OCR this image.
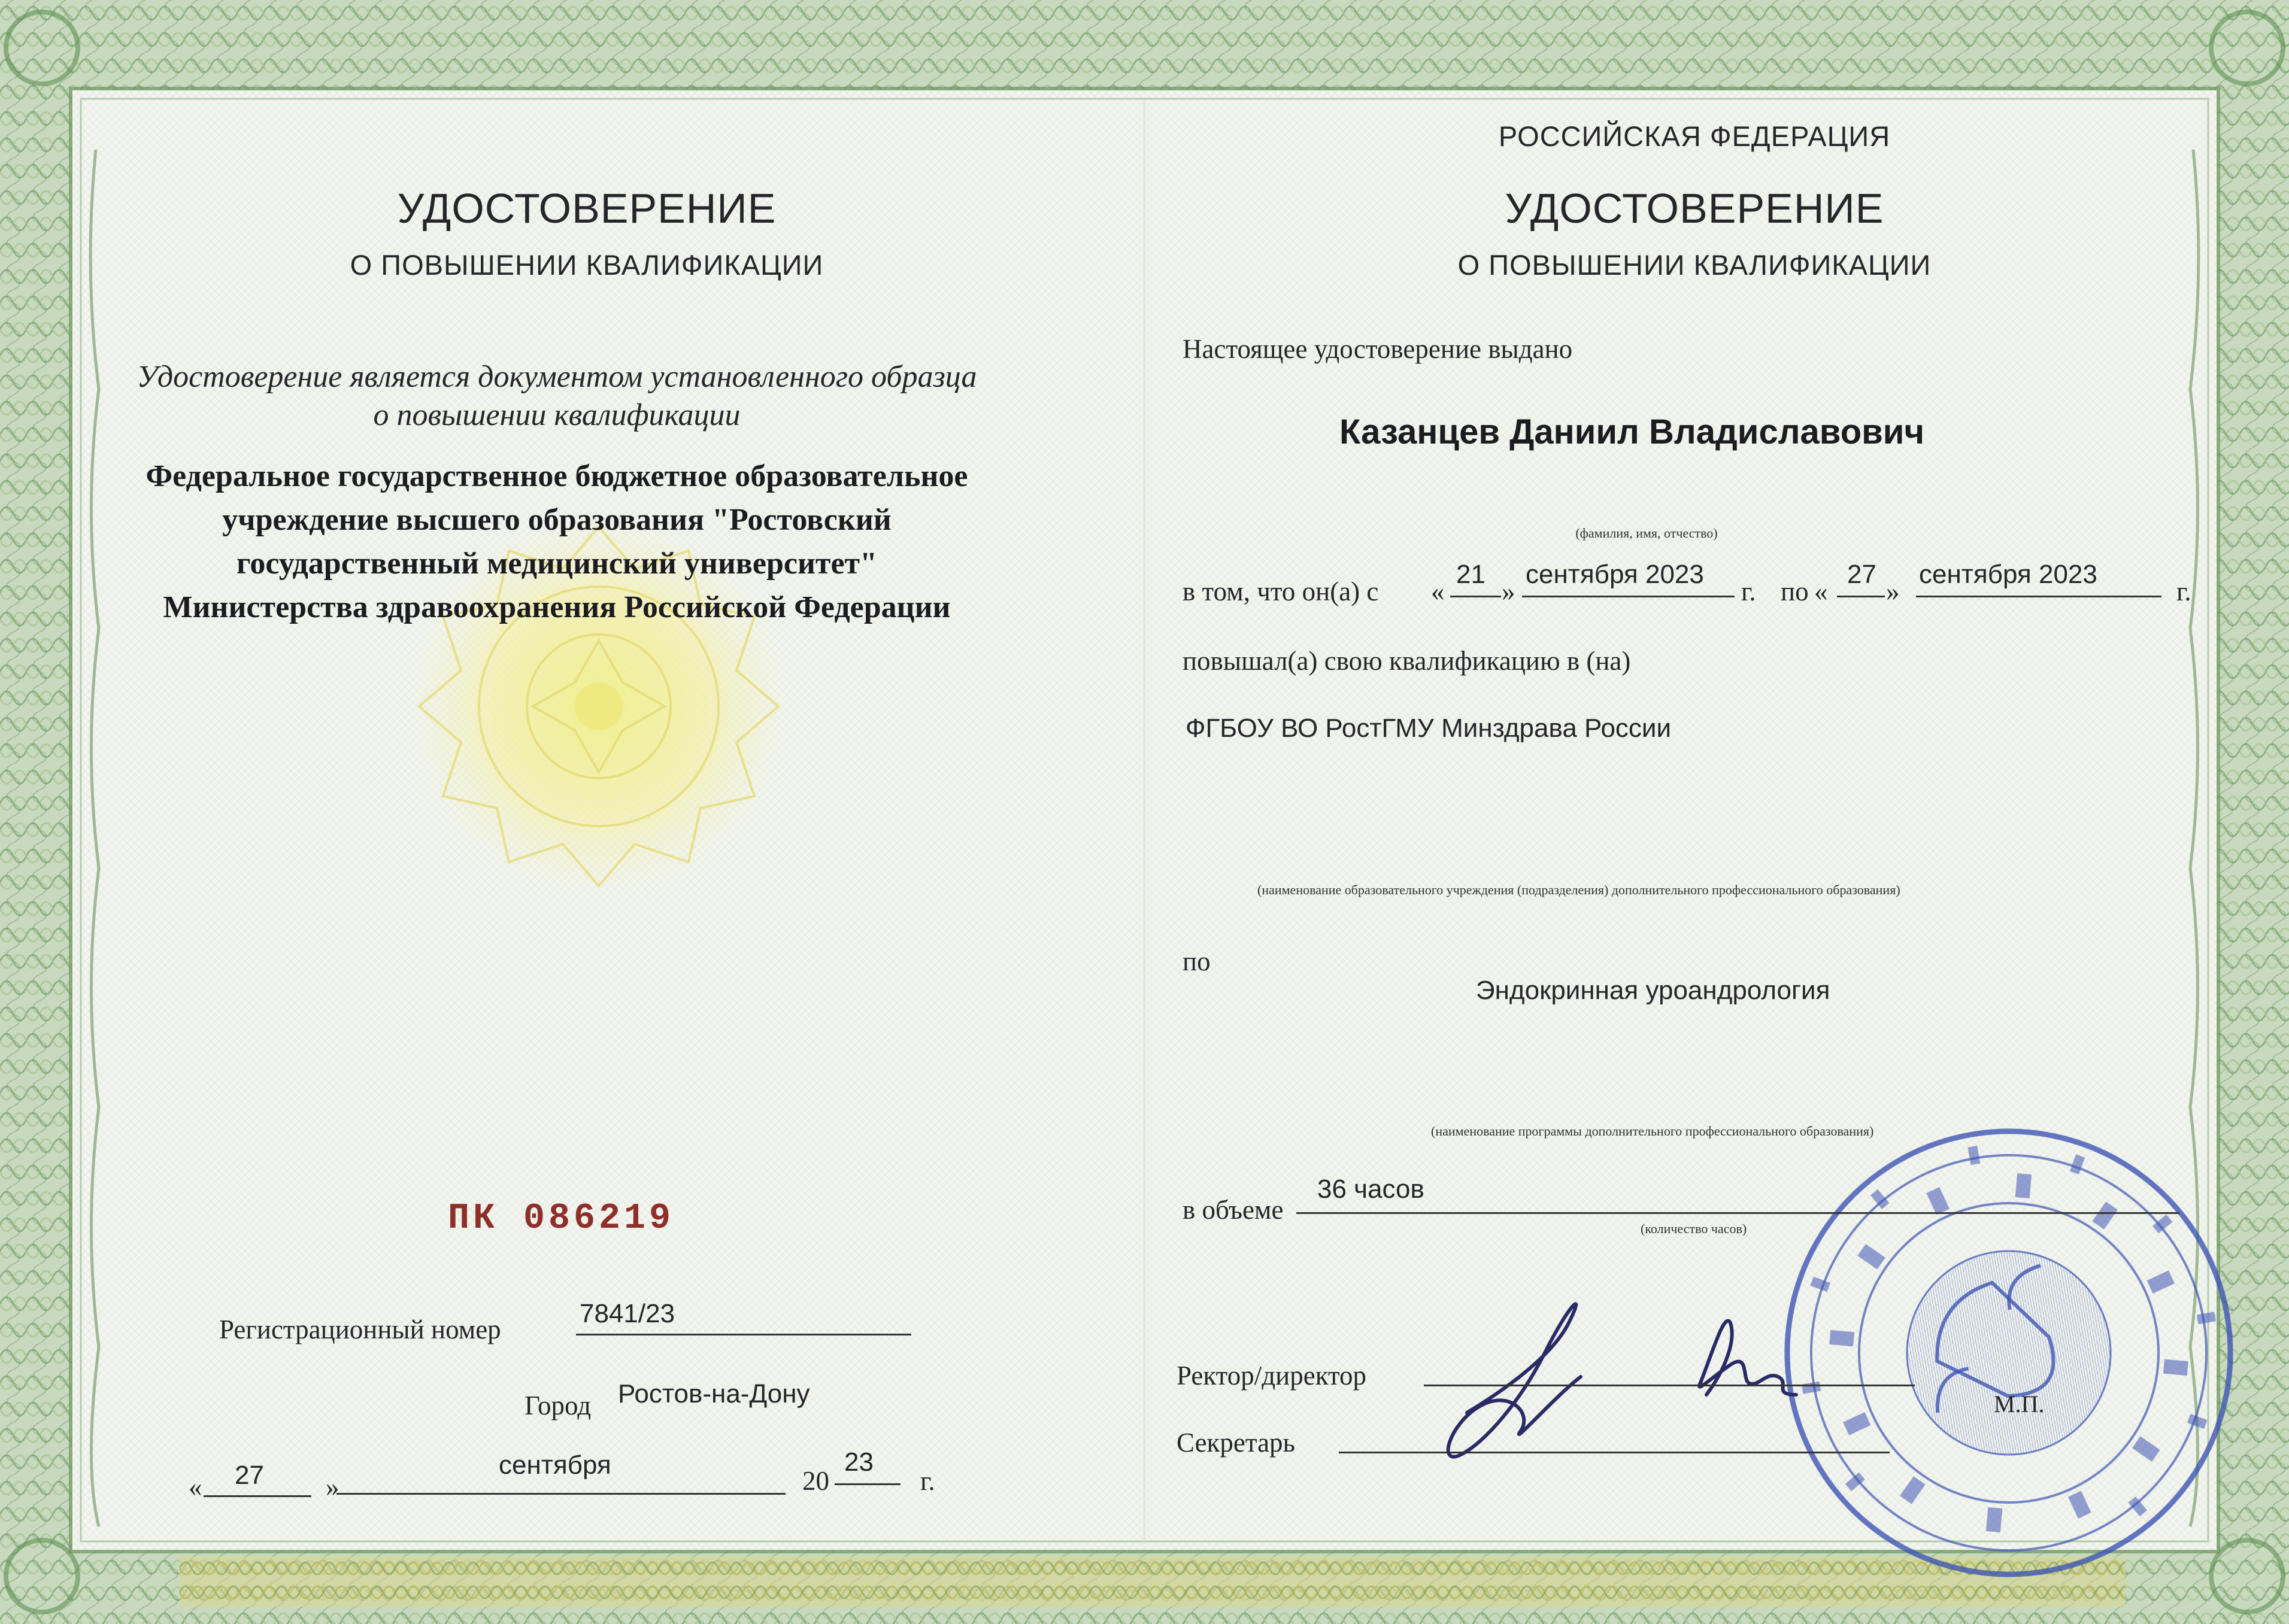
УДОСТОВЕРЕНИЕ
О ПОВЫШЕНИИ КВАЛИФИКАЦИИ
Удостоверение является документом установленного образца
о повышении квалификации
Федеральное государственное бюджетное образовательное
учреждение высшего образования "Ростовский
государственный медицинский университет"
Министерства здравоохранения Российской Федерации
ПК 086219
Регистрационный номер
7841/23
Город Ростов-на-Дону
« 27 »
сентября
20
23
г.
РОССИЙСКАЯ ФЕДЕРАЦИЯ
УДОСТОВЕРЕНИЕ
О ПОВЫШЕНИИ КВАЛИФИКАЦИИ
Настоящее удостоверение выдано
Казанцев Даниил Владиславович
(фамилия, имя, отчество)
в том, что он(а) с «
21
»
сентября 2023
г. по «
27
»
сентября 2023
г.
повышал(а) свою квалификацию в (на)
ФГБОУ ВО РостГМУ Минздрава России
(наименование образовательного учреждения (подразделения) дополнительного профессионального образования)
по
Эндокринная уроандрология
(наименование программы дополнительного профессионального образования)
в объеме
36 часов
(количество часов)
Ректор/директор
Секретарь
М.П.
